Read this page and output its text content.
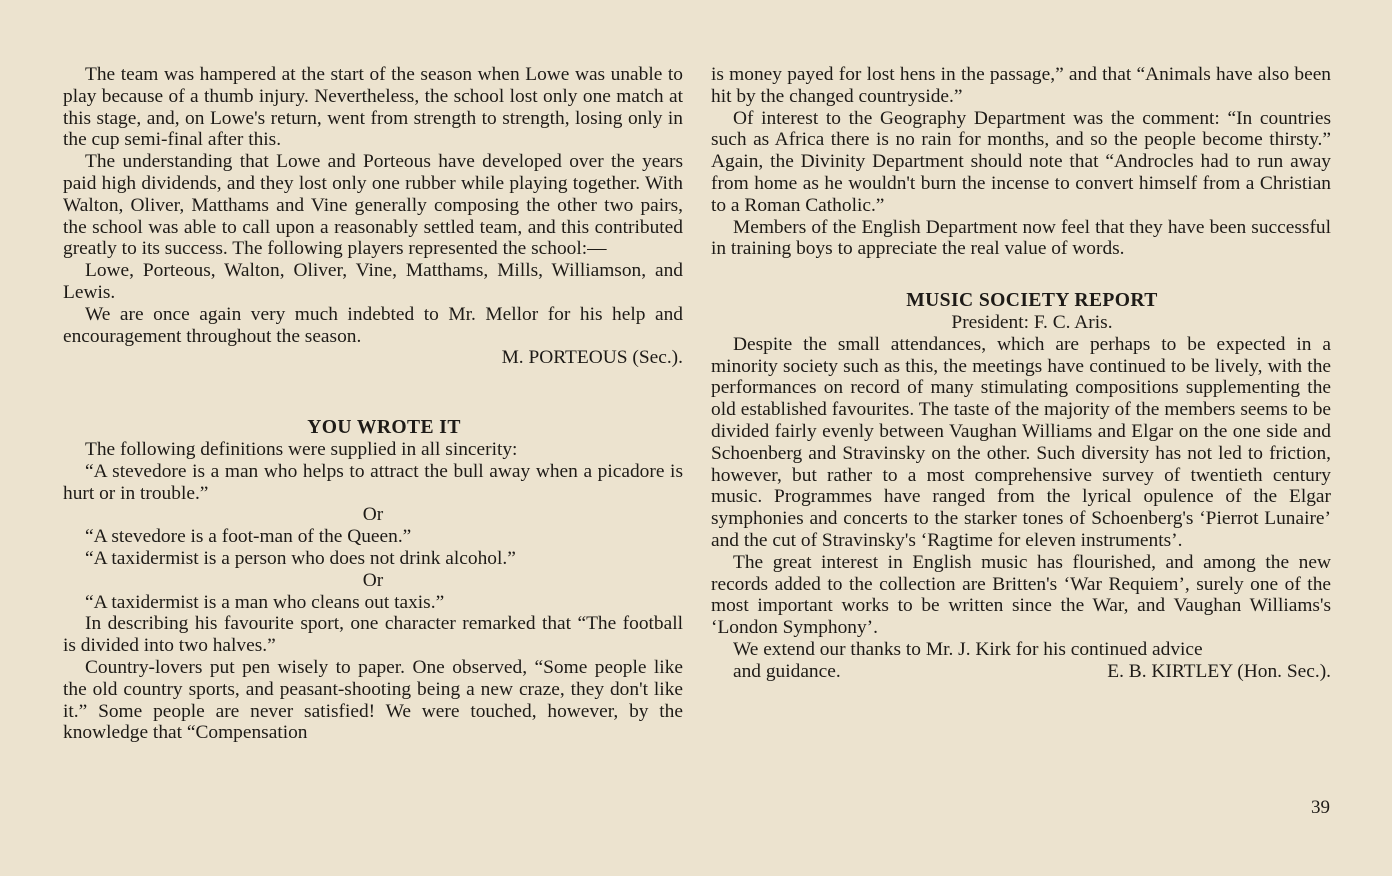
The team was hampered at the start of the season when Lowe was unable to play because of a thumb injury. Nevertheless, the school lost only one match at this stage, and, on Lowe's return, went from strength to strength, losing only in the cup semi-final after this.

The understanding that Lowe and Porteous have developed over the years paid high dividends, and they lost only one rubber while playing together. With Walton, Oliver, Matthams and Vine generally composing the other two pairs, the school was able to call upon a reasonably settled team, and this contributed greatly to its success. The following players represented the school:—

Lowe, Porteous, Walton, Oliver, Vine, Matthams, Mills, Williamson, and Lewis.

We are once again very much indebted to Mr. Mellor for his help and encouragement throughout the season.

M. PORTEOUS (Sec.).

YOU WROTE IT

The following definitions were supplied in all sincerity:

“A stevedore is a man who helps to attract the bull away when a picadore is hurt or in trouble.”

Or

“A stevedore is a foot-man of the Queen.”

“A taxidermist is a person who does not drink alcohol.”

Or

“A taxidermist is a man who cleans out taxis.”

In describing his favourite sport, one character remarked that “The football is divided into two halves.”

Country-lovers put pen wisely to paper. One observed, “Some people like the old country sports, and peasant-shooting being a new craze, they don't like it.” Some people are never satisfied! We were touched, however, by the knowledge that “Compensation

is money payed for lost hens in the passage,” and that “Animals have also been hit by the changed countryside.”

Of interest to the Geography Department was the comment: “In countries such as Africa there is no rain for months, and so the people become thirsty.” Again, the Divinity Department should note that “Androcles had to run away from home as he wouldn't burn the incense to convert himself from a Christian to a Roman Catholic.”

Members of the English Department now feel that they have been successful in training boys to appreciate the real value of words.

MUSIC SOCIETY REPORT

President: F. C. Aris.

Despite the small attendances, which are perhaps to be expected in a minority society such as this, the meetings have continued to be lively, with the performances on record of many stimulating compositions supplementing the old established favourites. The taste of the majority of the members seems to be divided fairly evenly between Vaughan Williams and Elgar on the one side and Schoenberg and Stravinsky on the other. Such diversity has not led to friction, however, but rather to a most comprehensive survey of twentieth century music. Programmes have ranged from the lyrical opulence of the Elgar symphonies and concerts to the starker tones of Schoenberg's ‘Pierrot Lunaire’ and the cut of Stravinsky's ‘Ragtime for eleven instruments’.

The great interest in English music has flourished, and among the new records added to the collection are Britten's ‘War Requiem’, surely one of the most important works to be written since the War, and Vaughan Williams's ‘London Symphony’.

We extend our thanks to Mr. J. Kirk for his continued advice

and guidance.	E. B. KIRTLEY (Hon. Sec.).

39
